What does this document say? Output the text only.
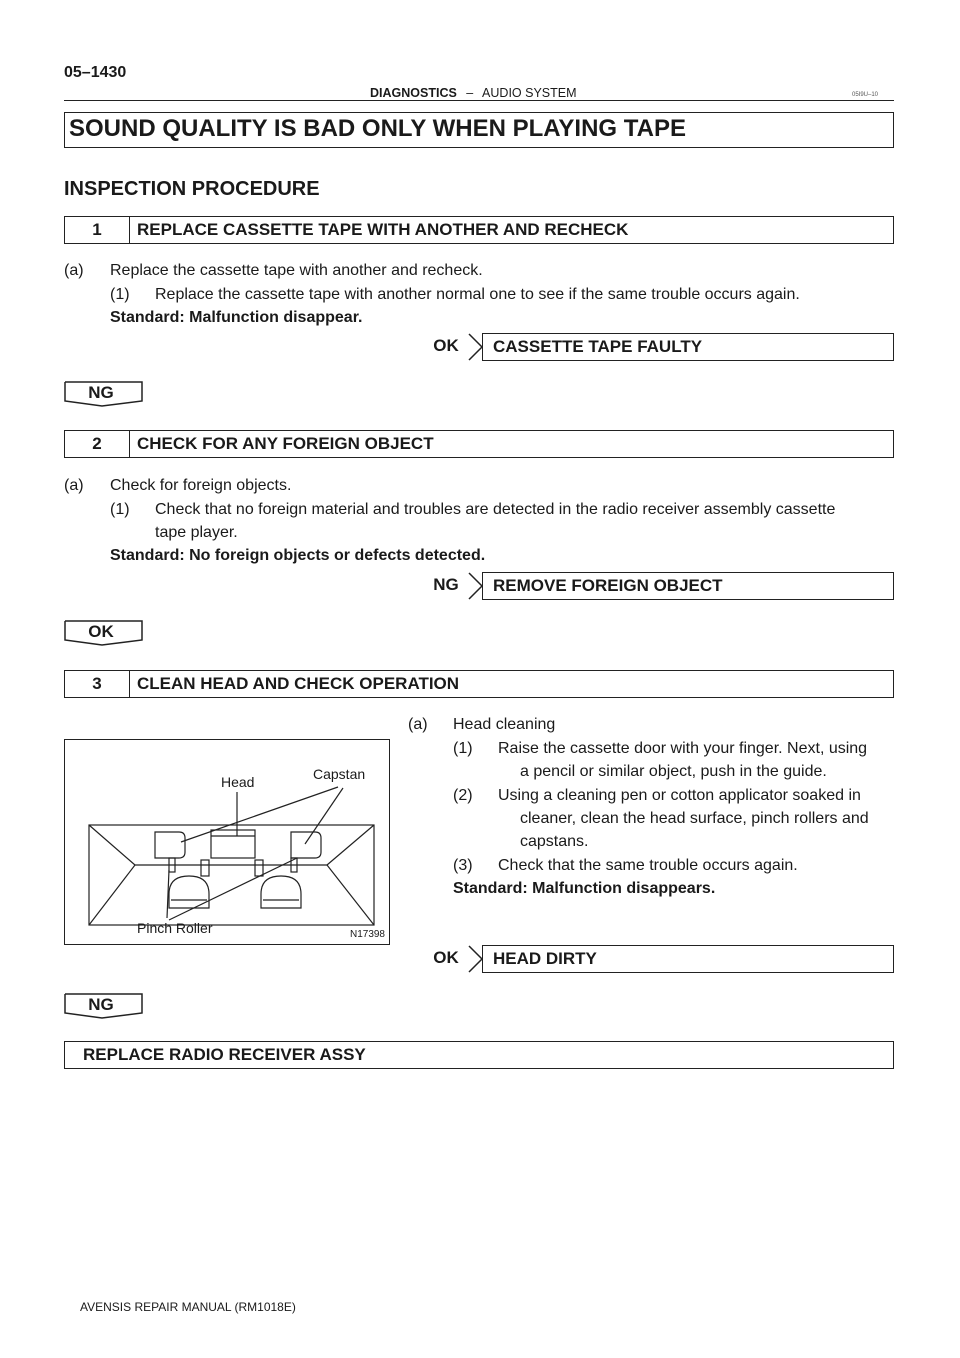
05–1430
DIAGNOSTICS – AUDIO SYSTEM	05I9U–10
SOUND QUALITY IS BAD ONLY WHEN PLAYING TAPE
INSPECTION PROCEDURE
1	REPLACE CASSETTE TAPE WITH ANOTHER AND RECHECK
(a) Replace the cassette tape with another and recheck.
(1) Replace the cassette tape with another normal one to see if the same trouble occurs again.
Standard: Malfunction disappear.
OK	CASSETTE TAPE FAULTY
NG
2	CHECK FOR ANY FOREIGN OBJECT
(a) Check for foreign objects.
(1) Check that no foreign material and troubles are detected in the radio receiver assembly cassette
tape player.
Standard: No foreign objects or defects detected.
NG	REMOVE FOREIGN OBJECT
OK
3	CLEAN HEAD AND CHECK OPERATION
Head	Capstan
Pinch Roller	N17398
(a) Head cleaning
(1) Raise the cassette door with your finger. Next, using
a pencil or similar object, push in the guide.
(2) Using a cleaning pen or cotton applicator soaked in
cleaner, clean the head surface, pinch rollers and
capstans.
(3) Check that the same trouble occurs again.
Standard: Malfunction disappears.
OK	HEAD DIRTY
NG
REPLACE RADIO RECEIVER ASSY
AVENSIS REPAIR MANUAL (RM1018E)
